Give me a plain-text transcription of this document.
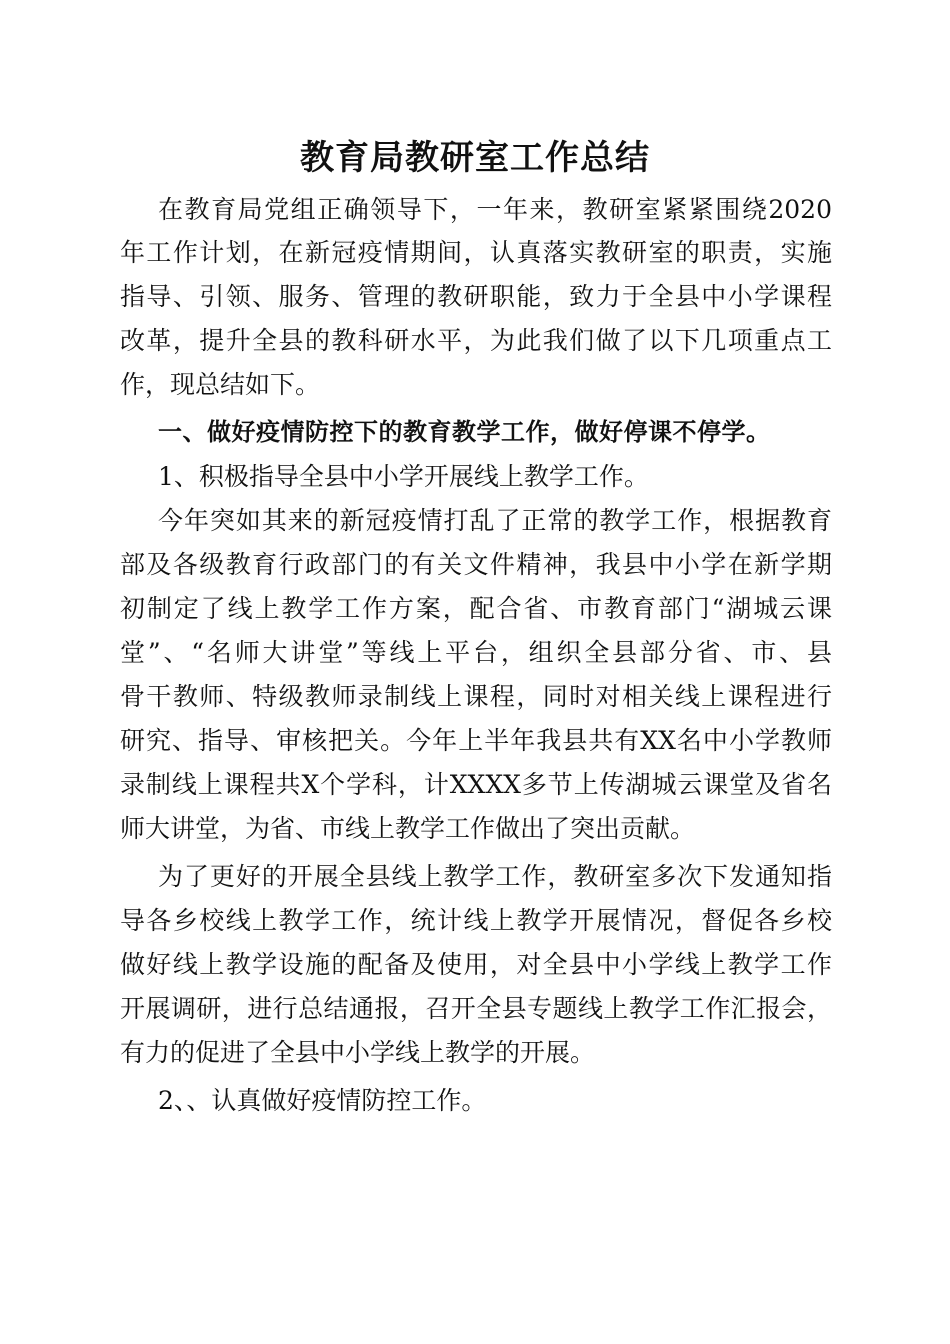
教育局教研室工作总结
在教育局党组正确领导下，一年来，教研室紧紧围绕2020
年工作计划，在新冠疫情期间，认真落实教研室的职责，实施
指导、引领、服务、管理的教研职能，致力于全县中小学课程
改革，提升全县的教科研水平，为此我们做了以下几项重点工
作，现总结如下。
一、做好疫情防控下的教育教学工作，做好停课不停学。
1、积极指导全县中小学开展线上教学工作。
今年突如其来的新冠疫情打乱了正常的教学工作，根据教育
部及各级教育行政部门的有关文件精神，我县中小学在新学期
初制定了线上教学工作方案，配合省、市教育部门“湖城云课
堂”、“名师大讲堂”等线上平台，组织全县部分省、市、县
骨干教师、特级教师录制线上课程，同时对相关线上课程进行
研究、指导、审核把关。今年上半年我县共有XX名中小学教师
录制线上课程共X个学科，计XXXX多节上传湖城云课堂及省名
师大讲堂，为省、市线上教学工作做出了突出贡献。
为了更好的开展全县线上教学工作，教研室多次下发通知指
导各乡校线上教学工作，统计线上教学开展情况，督促各乡校
做好线上教学设施的配备及使用，对全县中小学线上教学工作
开展调研，进行总结通报，召开全县专题线上教学工作汇报会，
有力的促进了全县中小学线上教学的开展。
2、、认真做好疫情防控工作。
